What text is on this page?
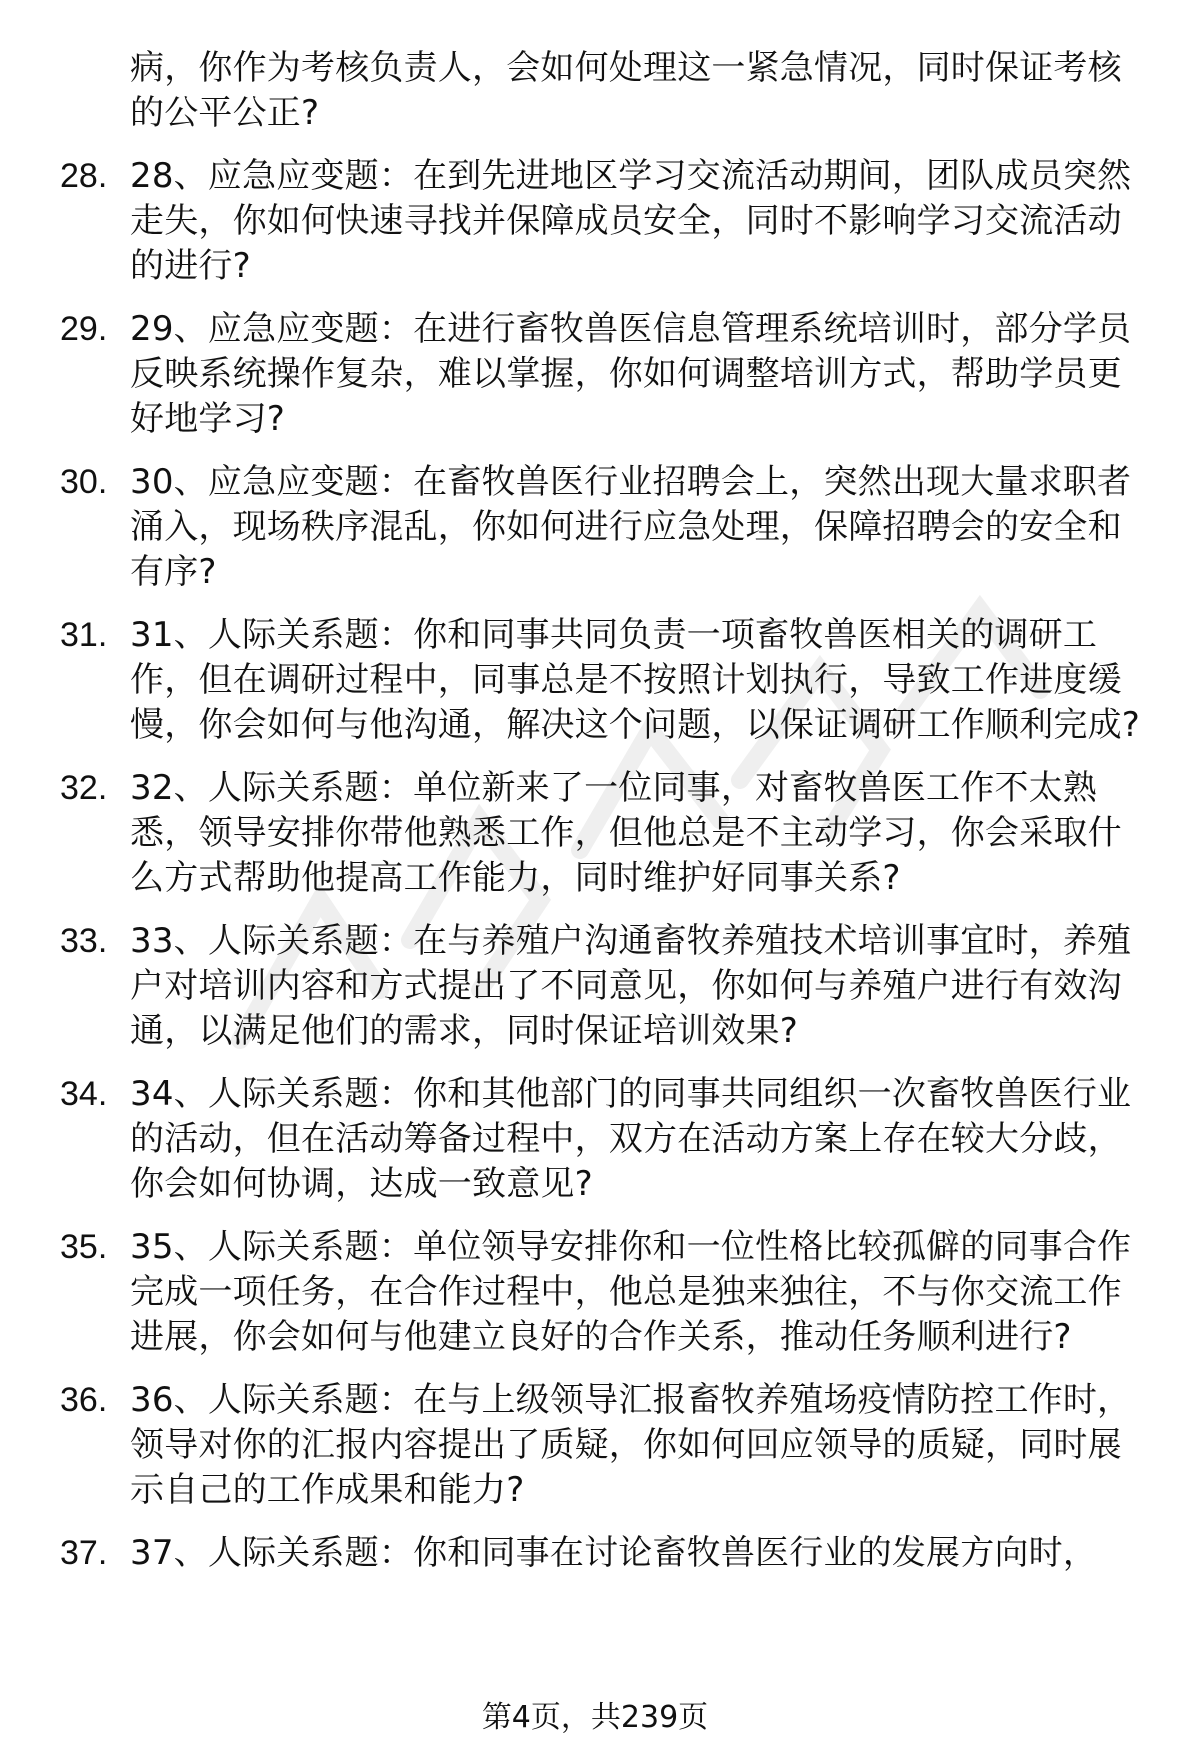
病，你作为考核负责人，会如何处理这一紧急情况，同时保证考核的公平公正?
28. 28、应急应变题：在到先进地区学习交流活动期间，团队成员突然走失，你如何快速寻找并保障成员安全，同时不影响学习交流活动的进行?
29. 29、应急应变题：在进行畜牧兽医信息管理系统培训时，部分学员反映系统操作复杂，难以掌握，你如何调整培训方式，帮助学员更好地学习?
30. 30、应急应变题：在畜牧兽医行业招聘会上，突然出现大量求职者涌入，现场秩序混乱，你如何进行应急处理，保障招聘会的安全和有序?
31. 31、人际关系题：你和同事共同负责一项畜牧兽医相关的调研工作，但在调研过程中，同事总是不按照计划执行，导致工作进度缓慢，你会如何与他沟通，解决这个问题，以保证调研工作顺利完成?
32. 32、人际关系题：单位新来了一位同事，对畜牧兽医工作不太熟悉，领导安排你带他熟悉工作，但他总是不主动学习，你会采取什么方式帮助他提高工作能力，同时维护好同事关系?
33. 33、人际关系题：在与养殖户沟通畜牧养殖技术培训事宜时，养殖户对培训内容和方式提出了不同意见，你如何与养殖户进行有效沟通，以满足他们的需求，同时保证培训效果?
34. 34、人际关系题：你和其他部门的同事共同组织一次畜牧兽医行业的活动，但在活动筹备过程中，双方在活动方案上存在较大分歧，你会如何协调，达成一致意见?
35. 35、人际关系题：单位领导安排你和一位性格比较孤僻的同事合作完成一项任务，在合作过程中，他总是独来独往，不与你交流工作进展，你会如何与他建立良好的合作关系，推动任务顺利进行?
36. 36、人际关系题：在与上级领导汇报畜牧养殖场疫情防控工作时，领导对你的汇报内容提出了质疑，你如何回应领导的质疑，同时展示自己的工作成果和能力?
37. 37、人际关系题：你和同事在讨论畜牧兽医行业的发展方向时，
第4页，共239页
